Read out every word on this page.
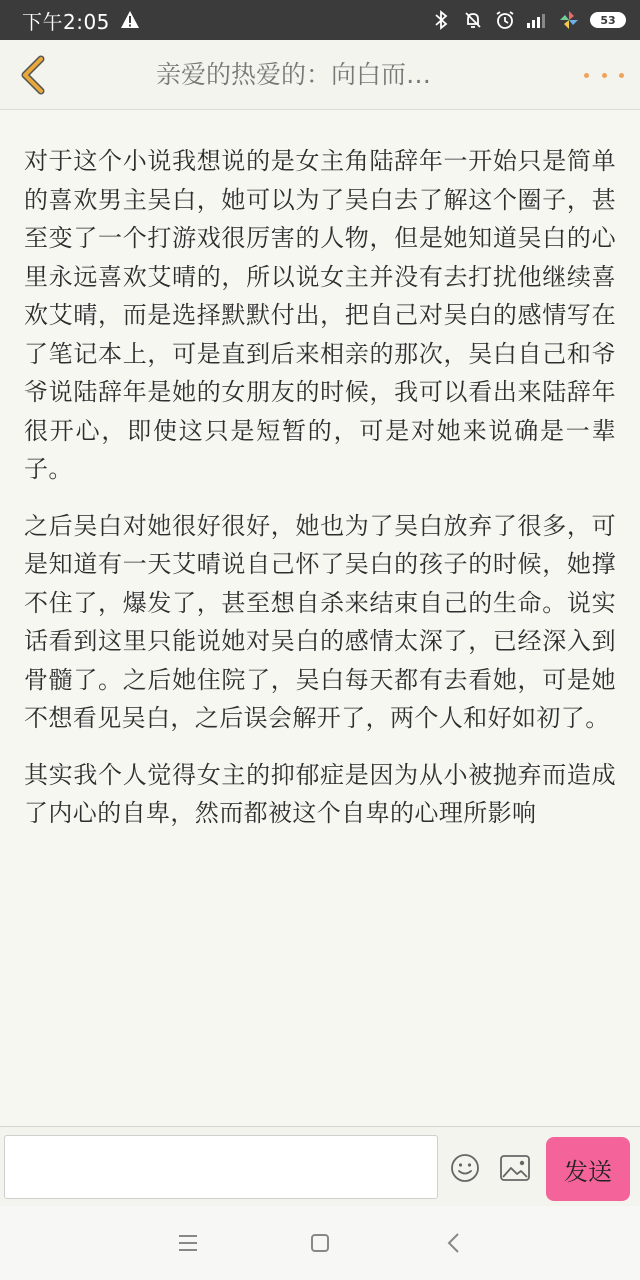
下午2:05	53
亲爱的热爱的：向白而…

对于这个小说我想说的是女主角陆辞年一开始只是简单的喜欢男主吴白，她可以为了吴白去了解这个圈子，甚至变了一个打游戏很厉害的人物，但是她知道吴白的心里永远喜欢艾晴的，所以说女主并没有去打扰他继续喜欢艾晴，而是选择默默付出，把自己对吴白的感情写在了笔记本上，可是直到后来相亲的那次，吴白自己和爷爷说陆辞年是她的女朋友的时候，我可以看出来陆辞年很开心，即使这只是短暂的，可是对她来说确是一辈子。

之后吴白对她很好很好，她也为了吴白放弃了很多，可是知道有一天艾晴说自己怀了吴白的孩子的时候，她撑不住了，爆发了，甚至想自杀来结束自己的生命。说实话看到这里只能说她对吴白的感情太深了，已经深入到骨髓了。之后她住院了，吴白每天都有去看她，可是她不想看见吴白，之后误会解开了，两个人和好如初了。

其实我个人觉得女主的抑郁症是因为从小被抛弃而造成了内心的自卑，然而都被这个自卑的心理所影响

发送
